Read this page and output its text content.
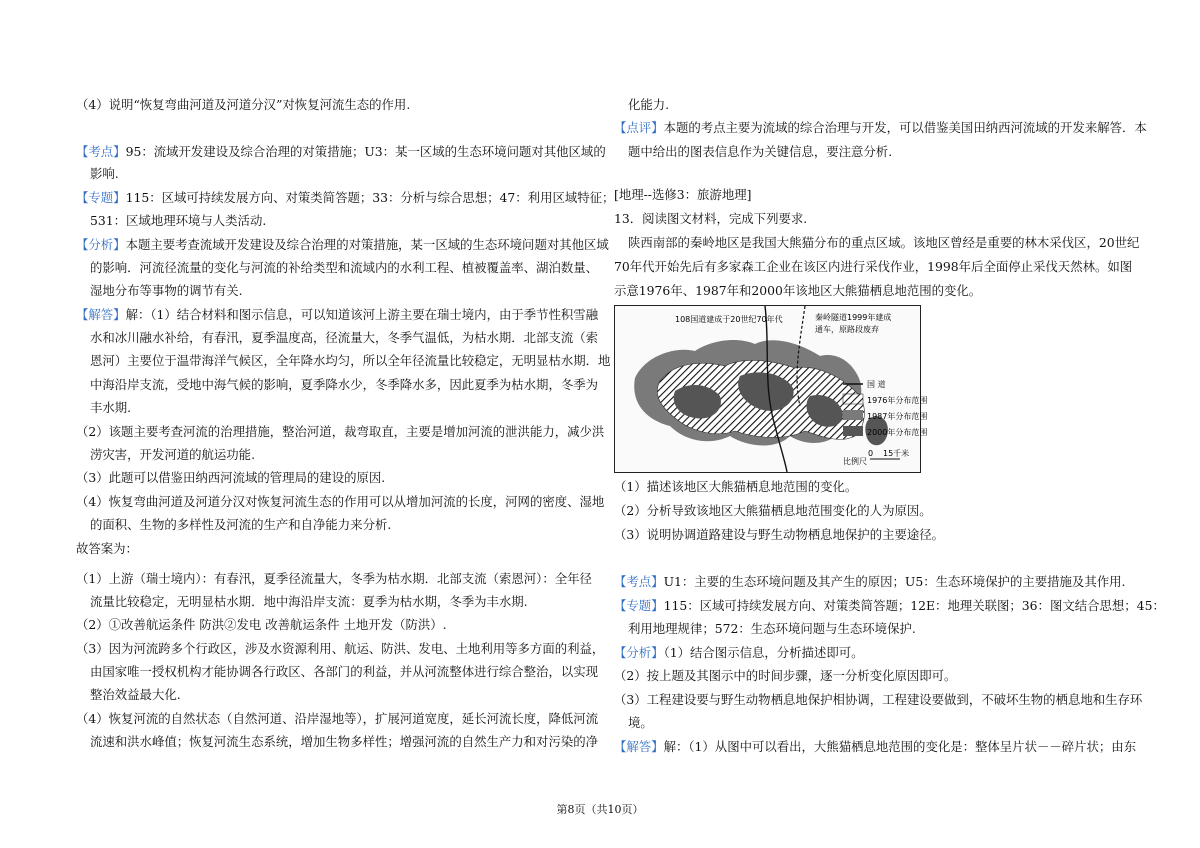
（4）说明“恢复弯曲河道及河道分汉”对恢复河流生态的作用.
【考点】95：流域开发建设及综合治理的对策措施；U3：某一区域的生态环境问题对其他区域的
影响.
【专题】115：区域可持续发展方向、对策类简答题；33：分析与综合思想；47：利用区域特征；
531：区域地理环境与人类活动.
【分析】本题主要考查流域开发建设及综合治理的对策措施，某一区域的生态环境问题对其他区域
的影响．河流径流量的变化与河流的补给类型和流域内的水利工程、植被覆盖率、湖泊数量、
湿地分布等事物的调节有关.
【解答】解：（1）结合材料和图示信息，可以知道该河上游主要在瑞士境内，由于季节性积雪融
水和冰川融水补给，有春汛，夏季温度高，径流量大，冬季气温低，为枯水期．北部支流（索
恩河）主要位于温带海洋气候区，全年降水均匀，所以全年径流量比较稳定，无明显枯水期．地
中海沿岸支流，受地中海气候的影响，夏季降水少，冬季降水多，因此夏季为枯水期，冬季为
丰水期.
（2）该题主要考查河流的治理措施，整治河道，裁弯取直，主要是增加河流的泄洪能力，减少洪
涝灾害，开发河道的航运功能.
（3）此题可以借鉴田纳西河流域的管理局的建设的原因.
（4）恢复弯曲河道及河道分汉对恢复河流生态的作用可以从增加河流的长度，河网的密度、湿地
的面积、生物的多样性及河流的生产和自净能力来分析.
故答案为：
（1）上游（瑞士境内）：有春汛，夏季径流量大，冬季为枯水期．北部支流（索恩河）：全年径
流量比较稳定，无明显枯水期．地中海沿岸支流：夏季为枯水期，冬季为丰水期.
（2）①改善航运条件 防洪②发电 改善航运条件 土地开发（防洪）.
（3）因为河流跨多个行政区，涉及水资源利用、航运、防洪、发电、土地利用等多方面的利益，
由国家唯一授权机构才能协调各行政区、各部门的利益，并从河流整体进行综合整治，以实现
整治效益最大化.
（4）恢复河流的自然状态（自然河道、沿岸湿地等），扩展河道宽度，延长河流长度，降低河流
流速和洪水峰值；恢复河流生态系统，增加生物多样性；增强河流的自然生产力和对污染的净
化能力.
【点评】本题的考点主要为流域的综合治理与开发，可以借鉴美国田纳西河流域的开发来解答．本
题中给出的图表信息作为关键信息，要注意分析.
[地理--选修3：旅游地理]
13．阅读图文材料，完成下列要求.
陕西南部的秦岭地区是我国大熊猫分布的重点区域。该地区曾经是重要的林木采伐区，20世纪
70年代开始先后有多家森工企业在该区内进行采伐作业，1998年后全面停止采伐天然林。如图
示意1976年、1987年和2000年该地区大熊猫栖息地范围的变化。
（1）描述该地区大熊猫栖息地范围的变化。
（2）分析导致该地区大熊猫栖息地范围变化的人为原因。
（3）说明协调道路建设与野生动物栖息地保护的主要途径。
【考点】U1：主要的生态环境问题及其产生的原因；U5：生态环境保护的主要措施及其作用.
【专题】115：区域可持续发展方向、对策类简答题；12E：地理关联图；36：图文结合思想；45：
利用地理规律；572：生态环境问题与生态环境保护.
【分析】（1）结合图示信息，分析描述即可。
（2）按上题及其图示中的时间步骤，逐一分析变化原因即可。
（3）工程建设要与野生动物栖息地保护相协调，工程建设要做到，不破坏生物的栖息地和生存环
境。
【解答】解：（1）从图中可以看出，大熊猫栖息地范围的变化是：整体呈片状－－碎片状；由东
108国道建成于20世纪70年代	秦岭隧道1999年建成
通车，原路段废弃
国 道
1976年分布范围
1987年分布范围
2000年分布范围
比例尺
0 15千米
第8页（共10页）
